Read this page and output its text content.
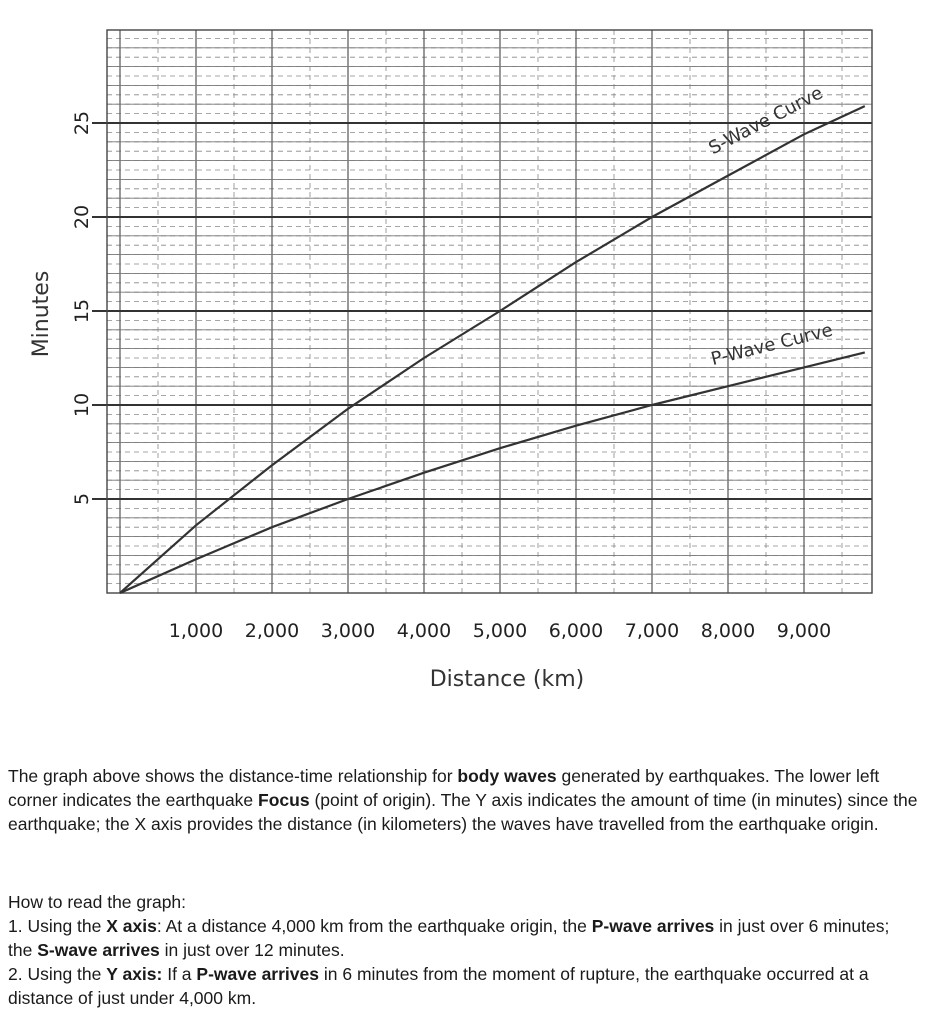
5
10
15
20
25
1,000 2,000 3,000 4,000 5,000 6,000 7,000 8,000 9,000
S-Wave Curve
P-Wave Curve
Minutes
Distance (km)

The graph above shows the distance-time relationship for body waves generated by earthquakes. The lower left corner indicates the earthquake Focus (point of origin). The Y axis indicates the amount of time (in minutes) since the earthquake; the X axis provides the distance (in kilometers) the waves have travelled from the earthquake origin.

How to read the graph:

1. Using the X axis: At a distance 4,000 km from the earthquake origin, the P-wave arrives in just over 6 minutes; the S-wave arrives in just over 12 minutes.

2. Using the Y axis: If a P-wave arrives in 6 minutes from the moment of rupture, the earthquake occurred at a distance of just under 4,000 km.
